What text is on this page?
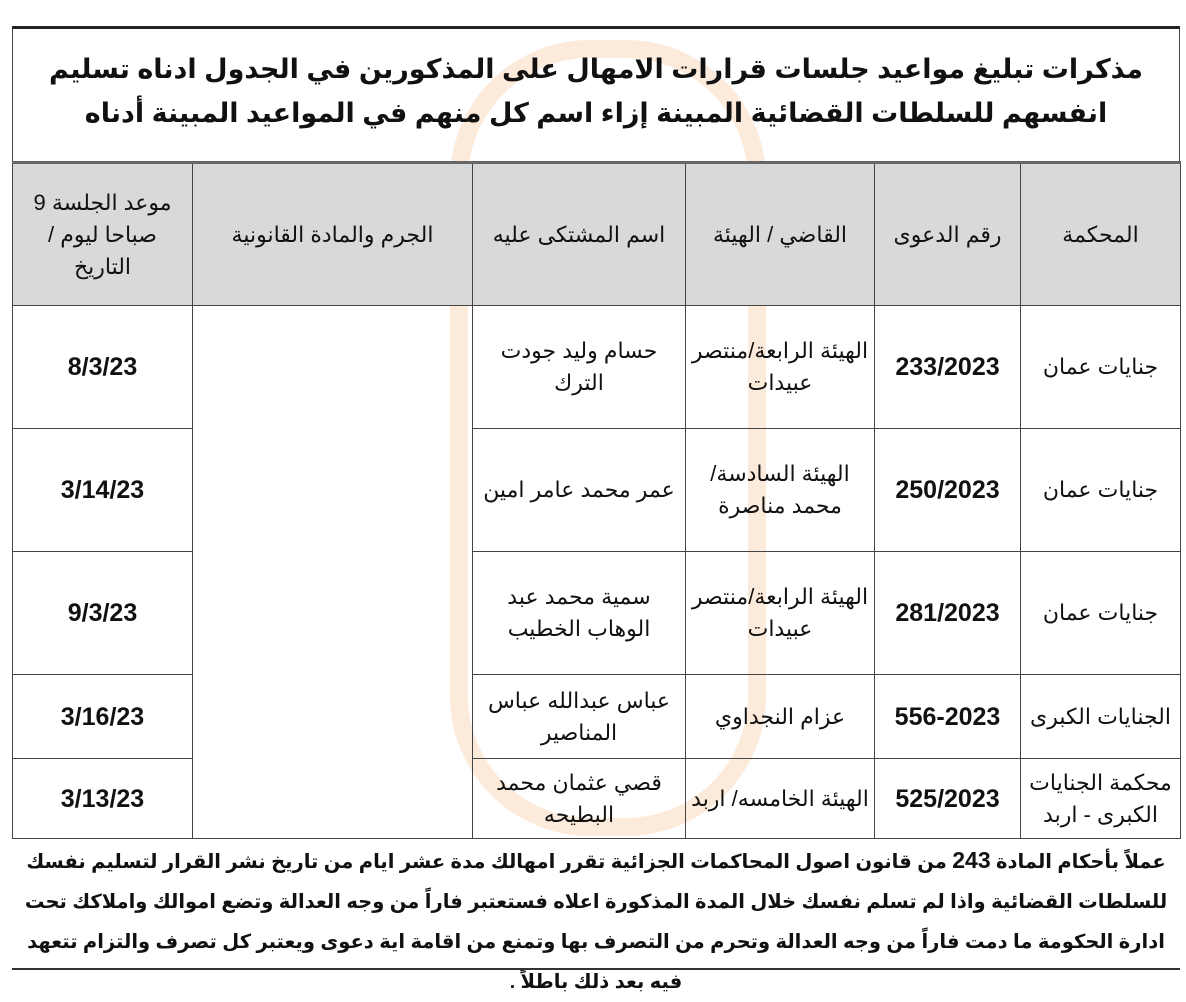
مذكرات تبليغ مواعيد جلسات قرارات الامهال على المذكورين في الجدول ادناه تسليم انفسهم للسلطات القضائية المبينة إزاء اسم كل منهم في المواعيد المبينة أدناه
المحكمة	رقم الدعوى	القاضي / الهيئة	اسم المشتكى عليه	الجرم والمادة القانونية	موعد الجلسة 9 صباحا ليوم / التاريخ
جنايات عمان	233/2023	الهيئة الرابعة/منتصر عبيدات	حسام وليد جودت الترك		8/3/23
جنايات عمان	250/2023	الهيئة السادسة/محمد مناصرة	عمر محمد عامر امين		3/14/23
جنايات عمان	281/2023	الهيئة الرابعة/منتصر عبيدات	سمية محمد عبد الوهاب الخطيب		9/3/23
الجنايات الكبرى	556-2023	عزام النجداوي	عباس عبدالله عباس المناصير		3/16/23
محكمة الجنايات الكبرى - اربد	525/2023	الهيئة الخامسه/ اربد	قصي عثمان محمد البطيحه		3/13/23
عملاً بأحكام المادة 243 من قانون اصول المحاكمات الجزائية تقرر امهالك مدة عشر ايام من تاريخ نشر القرار لتسليم نفسك للسلطات القضائية واذا لم تسلم نفسك خلال المدة المذكورة اعلاه فستعتبر فاراً من وجه العدالة وتضع اموالك واملاكك تحت ادارة الحكومة ما دمت فاراً من وجه العدالة وتحرم من التصرف بها وتمنع من اقامة اية دعوى ويعتبر كل تصرف والتزام تتعهد فيه بعد ذلك باطلاً .
